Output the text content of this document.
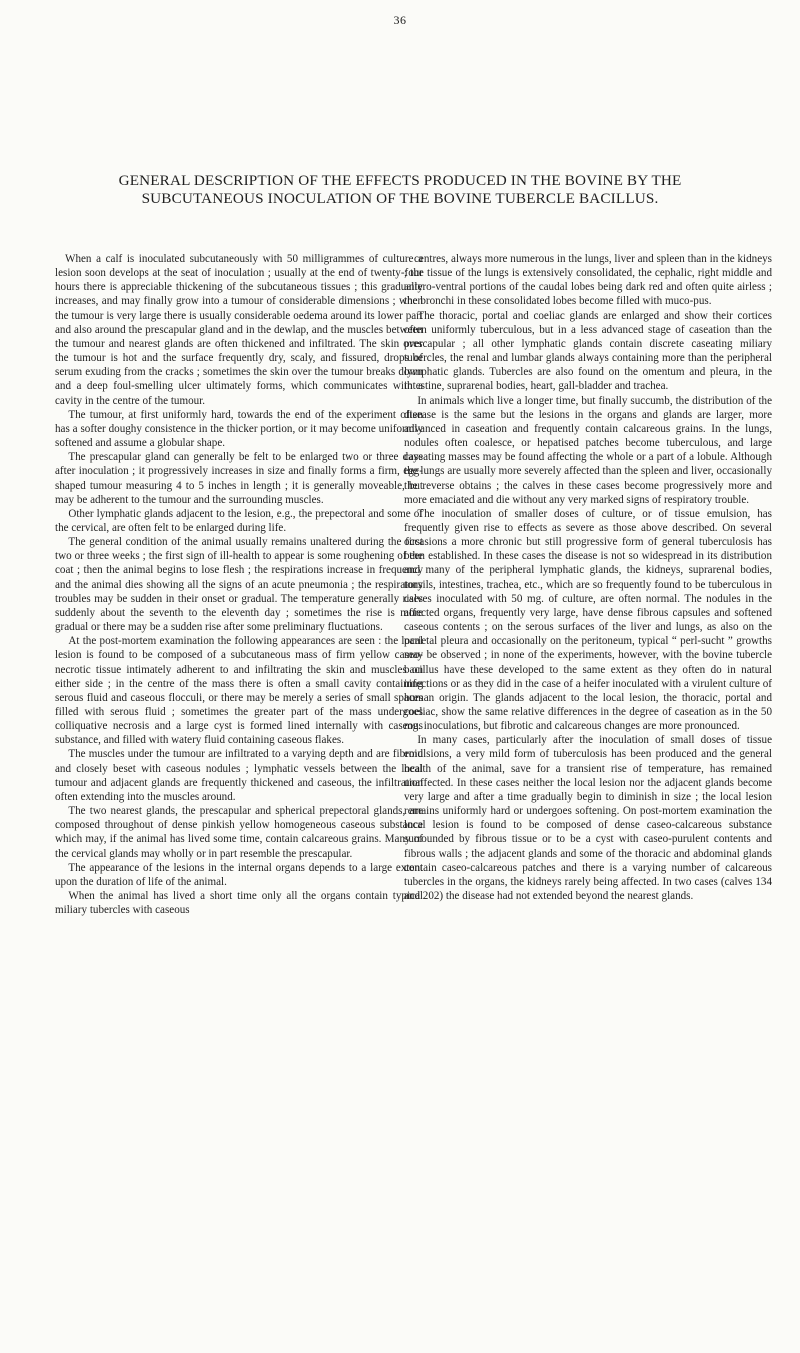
36
GENERAL DESCRIPTION OF THE EFFECTS PRODUCED IN THE BOVINE BY THE
SUBCUTANEOUS INOCULATION OF THE BOVINE TUBERCLE BACILLUS.

When a calf is inoculated subcutaneously with 50 milligrammes of culture a lesion soon develops at the seat of inoculation ; usually at the end of twenty-four hours there is appreciable thickening of the subcutaneous tissues ; this gradually increases, and may finally grow into a tumour of considerable dimensions ; when the tumour is very large there is usually considerable oedema around its lower part and also around the prescapular gland and in the dewlap, and the muscles between the tumour and nearest glands are often thickened and infiltrated. The skin over the tumour is hot and the surface frequently dry, scaly, and fissured, drops of serum exuding from the cracks ; sometimes the skin over the tumour breaks down and a deep foul-smelling ulcer ultimately forms, which communicates with a cavity in the centre of the tumour.

The tumour, at first uniformly hard, towards the end of the experiment often has a softer doughy consistence in the thicker portion, or it may become uniformly softened and assume a globular shape.

The prescapular gland can generally be felt to be enlarged two or three days after inoculation ; it progressively increases in size and finally forms a firm, egg-shaped tumour measuring 4 to 5 inches in length ; it is generally moveable, but may be adherent to the tumour and the surrounding muscles.

Other lymphatic glands adjacent to the lesion, e.g., the prepectoral and some of the cervical, are often felt to be enlarged during life.

The general condition of the animal usually remains unaltered during the first two or three weeks ; the first sign of ill-health to appear is some roughening of the coat ; then the animal begins to lose flesh ; the respirations increase in frequency and the animal dies showing all the signs of an acute pneumonia ; the respiratory troubles may be sudden in their onset or gradual. The temperature generally rises suddenly about the seventh to the eleventh day ; sometimes the rise is more gradual or there may be a sudden rise after some preliminary fluctuations.

At the post-mortem examination the following appearances are seen : the local lesion is found to be composed of a subcutaneous mass of firm yellow caseo-necrotic tissue intimately adherent to and infiltrating the skin and muscles on either side ; in the centre of the mass there is often a small cavity containing serous fluid and caseous flocculi, or there may be merely a series of small spaces filled with serous fluid ; sometimes the greater part of the mass undergoes colliquative necrosis and a large cyst is formed lined internally with caseous substance, and filled with watery fluid containing caseous flakes.

The muscles under the tumour are infiltrated to a varying depth and are fibroid and closely beset with caseous nodules ; lymphatic vessels between the local tumour and adjacent glands are frequently thickened and caseous, the infiltration often extending into the muscles around.

The two nearest glands, the prescapular and spherical prepectoral glands, are composed throughout of dense pinkish yellow homogeneous caseous substance which may, if the animal has lived some time, contain calcareous grains. Many of the cervical glands may wholly or in part resemble the prescapular.

The appearance of the lesions in the internal organs depends to a large extent upon the duration of life of the animal.

When the animal has lived a short time only all the organs contain typical miliary tubercles with caseous

centres, always more numerous in the lungs, liver and spleen than in the kidneys ; the tissue of the lungs is extensively consolidated, the cephalic, right middle and antero-ventral portions of the caudal lobes being dark red and often quite airless ; the bronchi in these consolidated lobes become filled with muco-pus.

The thoracic, portal and coeliac glands are enlarged and show their cortices often uniformly tuberculous, but in a less advanced stage of caseation than the prescapular ; all other lymphatic glands contain discrete caseating miliary tubercles, the renal and lumbar glands always containing more than the peripheral lymphatic glands. Tubercles are also found on the omentum and pleura, in the intestine, suprarenal bodies, heart, gall-bladder and trachea.

In animals which live a longer time, but finally succumb, the distribution of the disease is the same but the lesions in the organs and glands are larger, more advanced in caseation and frequently contain calcareous grains. In the lungs, nodules often coalesce, or hepatised patches become tuberculous, and large caseating masses may be found affecting the whole or a part of a lobule. Although the lungs are usually more severely affected than the spleen and liver, occasionally the reverse obtains ; the calves in these cases become progressively more and more emaciated and die without any very marked signs of respiratory trouble.

The inoculation of smaller doses of culture, or of tissue emulsion, has frequently given rise to effects as severe as those above described. On several occasions a more chronic but still progressive form of general tuberculosis has been established. In these cases the disease is not so widespread in its distribution and many of the peripheral lymphatic glands, the kidneys, suprarenal bodies, tonsils, intestines, trachea, etc., which are so frequently found to be tuberculous in calves inoculated with 50 mg. of culture, are often normal. The nodules in the affected organs, frequently very large, have dense fibrous capsules and softened caseous contents ; on the serous surfaces of the liver and lungs, as also on the parietal pleura and occasionally on the peritoneum, typical “ perl-sucht ” growths may be observed ; in none of the experiments, however, with the bovine tubercle bacillus have these developed to the same extent as they often do in natural infections or as they did in the case of a heifer inoculated with a virulent culture of human origin. The glands adjacent to the local lesion, the thoracic, portal and coeliac, show the same relative differences in the degree of caseation as in the 50 mg. inoculations, but fibrotic and calcareous changes are more pronounced.

In many cases, particularly after the inoculation of small doses of tissue emulsions, a very mild form of tuberculosis has been produced and the general health of the animal, save for a transient rise of temperature, has remained unaffected. In these cases neither the local lesion nor the adjacent glands become very large and after a time gradually begin to diminish in size ; the local lesion remains uniformly hard or undergoes softening. On post-mortem examination the local lesion is found to be composed of dense caseo-calcareous substance surrounded by fibrous tissue or to be a cyst with caseo-purulent contents and fibrous walls ; the adjacent glands and some of the thoracic and abdominal glands contain caseo-calcareous patches and there is a varying number of calcareous tubercles in the organs, the kidneys rarely being affected. In two cases (calves 134 and 202) the disease had not extended beyond the nearest glands.
